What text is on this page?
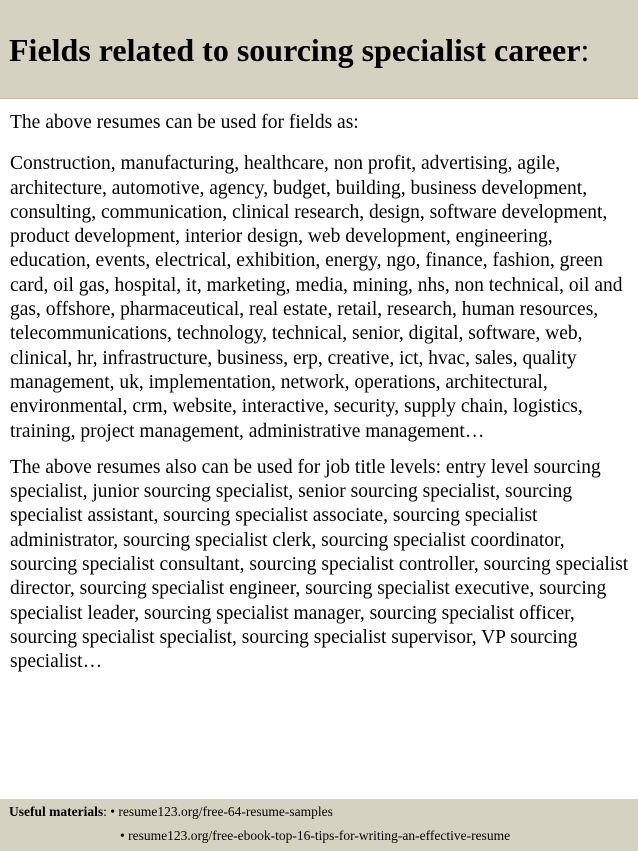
Fields related to sourcing specialist career:

The above resumes can be used for fields as:

Construction, manufacturing, healthcare, non profit, advertising, agile, architecture, automotive, agency, budget, building, business development, consulting, communication, clinical research, design, software development, product development, interior design, web development, engineering, education, events, electrical, exhibition, energy, ngo, finance, fashion, green card, oil gas, hospital, it, marketing, media, mining, nhs, non technical, oil and gas, offshore, pharmaceutical, real estate, retail, research, human resources, telecommunications, technology, technical, senior, digital, software, web, clinical, hr, infrastructure, business, erp, creative, ict, hvac, sales, quality management, uk, implementation, network, operations, architectural, environmental, crm, website, interactive, security, supply chain, logistics, training, project management, administrative management…

The above resumes also can be used for job title levels: entry level sourcing specialist, junior sourcing specialist, senior sourcing specialist, sourcing specialist assistant, sourcing specialist associate, sourcing specialist administrator, sourcing specialist clerk, sourcing specialist coordinator, sourcing specialist consultant, sourcing specialist controller, sourcing specialist director, sourcing specialist engineer, sourcing specialist executive, sourcing specialist leader, sourcing specialist manager, sourcing specialist officer, sourcing specialist specialist, sourcing specialist supervisor, VP sourcing specialist…

Useful materials: • resume123.org/free-64-resume-samples
• resume123.org/free-ebook-top-16-tips-for-writing-an-effective-resume
